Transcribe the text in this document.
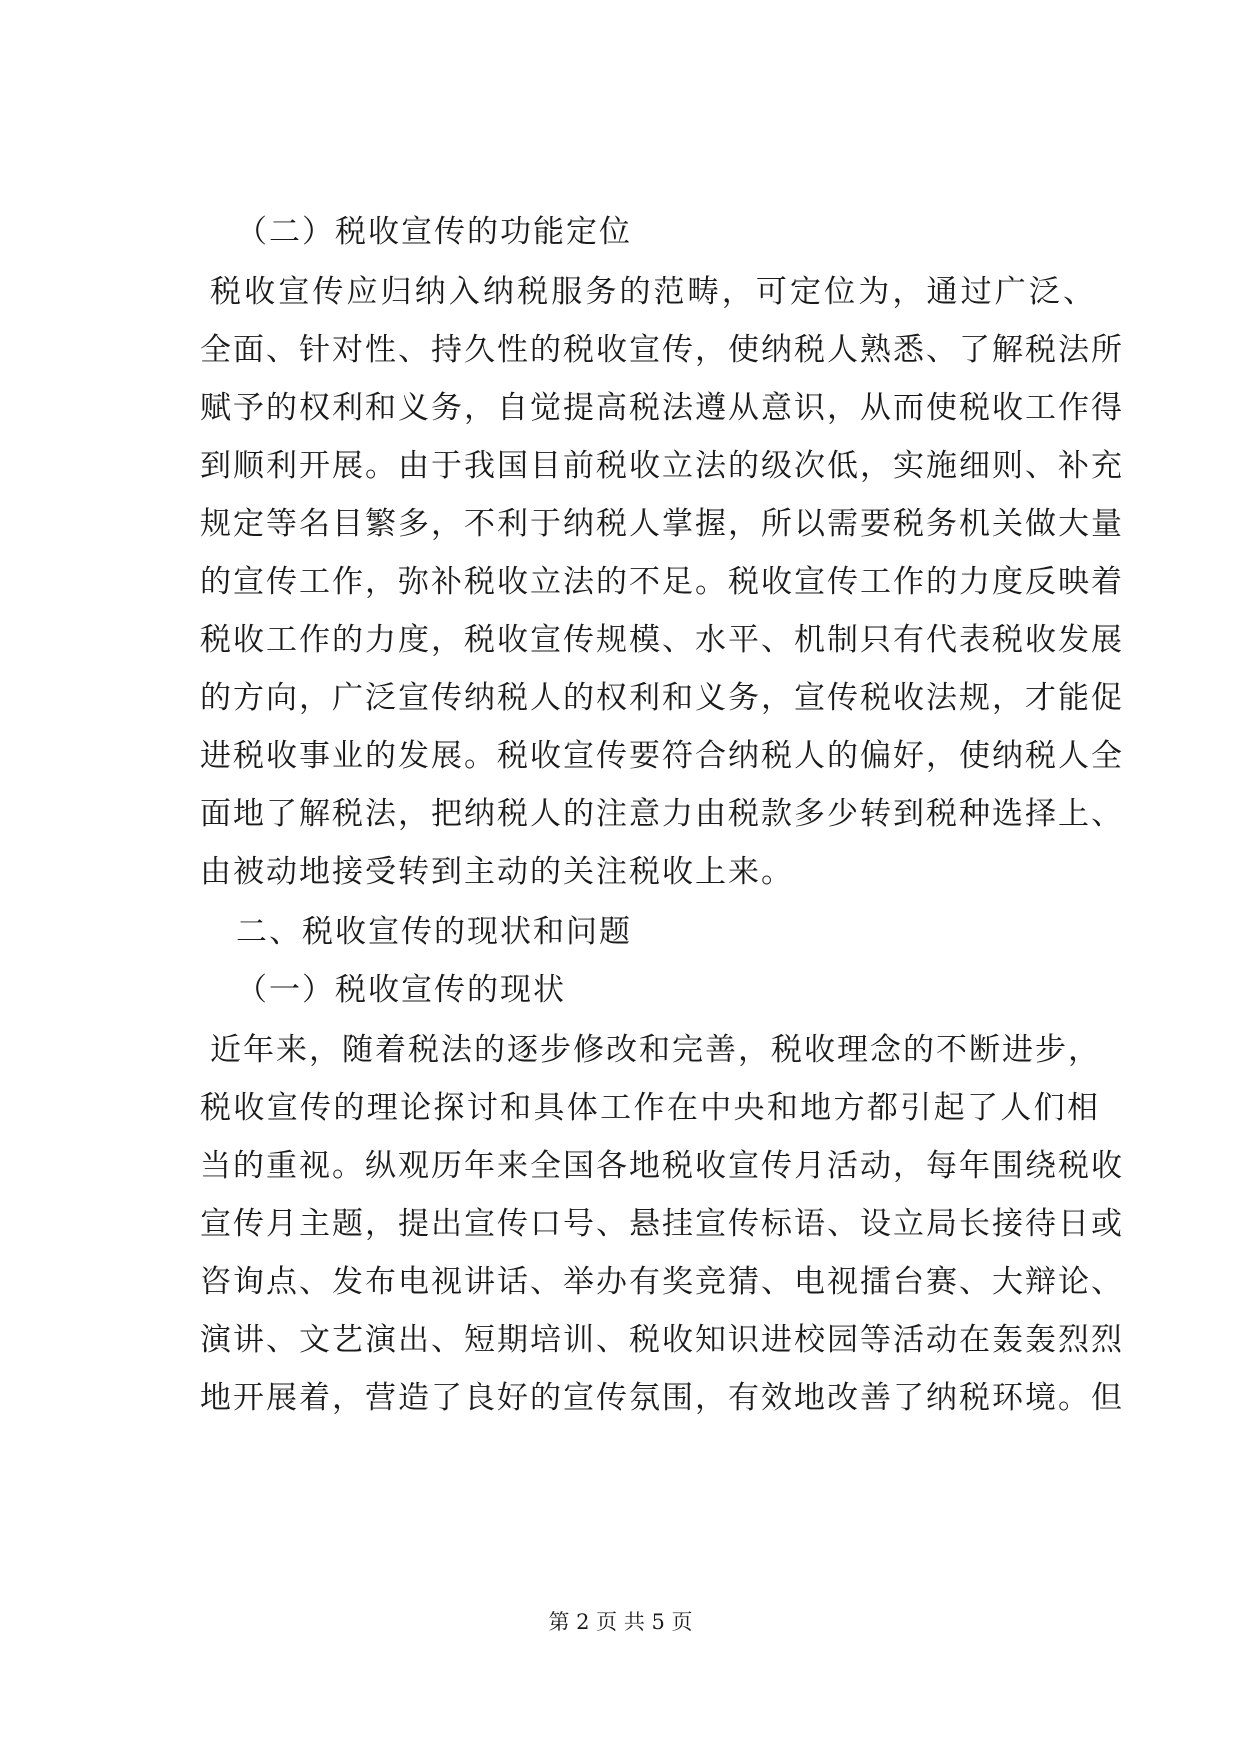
（二）税收宣传的功能定位
税收宣传应归纳入纳税服务的范畴，可定位为，通过广泛、
全面、针对性、持久性的税收宣传，使纳税人熟悉、了解税法所
赋予的权利和义务，自觉提高税法遵从意识，从而使税收工作得
到顺利开展。由于我国目前税收立法的级次低，实施细则、补充
规定等名目繁多，不利于纳税人掌握，所以需要税务机关做大量
的宣传工作，弥补税收立法的不足。税收宣传工作的力度反映着
税收工作的力度，税收宣传规模、水平、机制只有代表税收发展
的方向，广泛宣传纳税人的权利和义务，宣传税收法规，才能促
进税收事业的发展。税收宣传要符合纳税人的偏好，使纳税人全
面地了解税法，把纳税人的注意力由税款多少转到税种选择上、
由被动地接受转到主动的关注税收上来。
二、税收宣传的现状和问题
（一）税收宣传的现状
近年来，随着税法的逐步修改和完善，税收理念的不断进步，
税收宣传的理论探讨和具体工作在中央和地方都引起了人们相
当的重视。纵观历年来全国各地税收宣传月活动，每年围绕税收
宣传月主题，提出宣传口号、悬挂宣传标语、设立局长接待日或
咨询点、发布电视讲话、举办有奖竞猜、电视擂台赛、大辩论、
演讲、文艺演出、短期培训、税收知识进校园等活动在轰轰烈烈
地开展着，营造了良好的宣传氛围，有效地改善了纳税环境。但
第 2 页 共 5 页
